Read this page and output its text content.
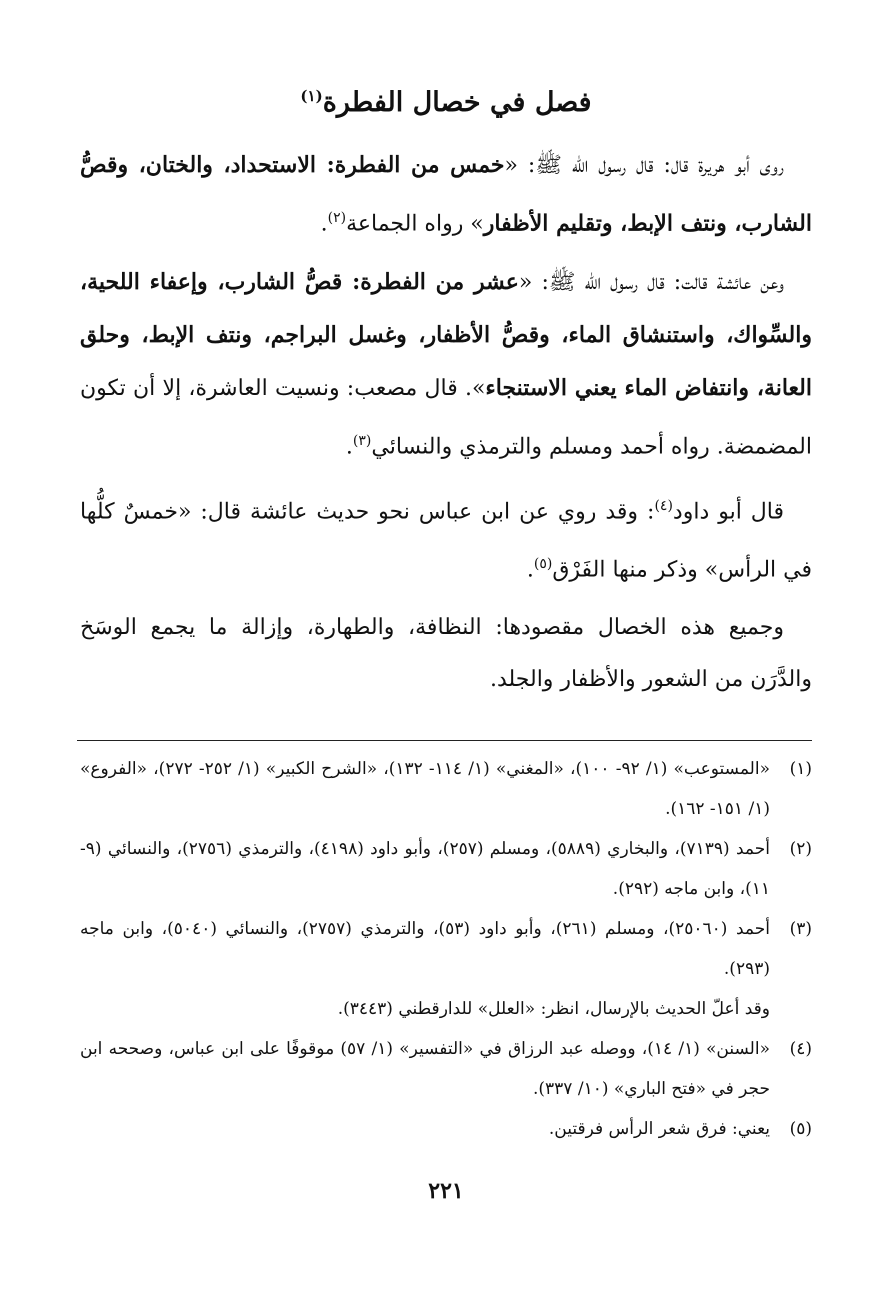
فصل في خصال الفطرة$^{(١)}$

روى أبو هريرة قال: قال رسول الله ﷺ: «خمس من الفطرة: الاستحداد، والختان، وقصُّ الشارب، ونتف الإبط، وتقليم الأظفار» رواه الجماعة$^{(٢)}$.

وعن عائشة قالت: قال رسول الله ﷺ: «عشر من الفطرة: قصُّ الشارب، وإعفاء اللحية، والسِّواك، واستنشاق الماء، وقصُّ الأظفار، وغسل البراجم، ونتف الإبط، وحلق العانة، وانتفاض الماء يعني الاستنجاء». قال مصعب: ونسيت العاشرة، إلا أن تكون المضمضة. رواه أحمد ومسلم والترمذي والنسائي$^{(٣)}$.

قال أبو داود$^{(٤)}$: وقد روي عن ابن عباس نحو حديث عائشة قال: «خمسٌ كلُّها في الرأس» وذكر منها الفَرْق$^{(٥)}$.

وجميع هذه الخصال مقصودها: النظافة، والطهارة، وإزالة ما يجمع الوسَخ والدَّرَن من الشعور والأظفار والجلد.

(١)
«المستوعب» (١/ ٩٢- ١٠٠)، «المغني» (١/ ١١٤- ١٣٢)، «الشرح الكبير» (١/ ٢٥٢- ٢٧٢)، «الفروع» (١/ ١٥١- ١٦٢).
(٢)
أحمد (٧١٣٩)، والبخاري (٥٨٨٩)، ومسلم (٢٥٧)، وأبو داود (٤١٩٨)، والترمذي (٢٧٥٦)، والنسائي (٩- ١١)، وابن ماجه (٢٩٢).
(٣)
أحمد (٢٥٠٦٠)، ومسلم (٢٦١)، وأبو داود (٥٣)، والترمذي (٢٧٥٧)، والنسائي (٥٠٤٠)، وابن ماجه (٢٩٣).
وقد أعلّ الحديث بالإرسال، انظر: «العلل» للدارقطني (٣٤٤٣).
(٤)
«السنن» (١/ ١٤)، ووصله عبد الرزاق في «التفسير» (١/ ٥٧) موقوفًا على ابن عباس، وصححه ابن حجر في «فتح الباري» (١٠/ ٣٣٧).
(٥)
يعني: فرق شعر الرأس فرقتين.
٢٢١
